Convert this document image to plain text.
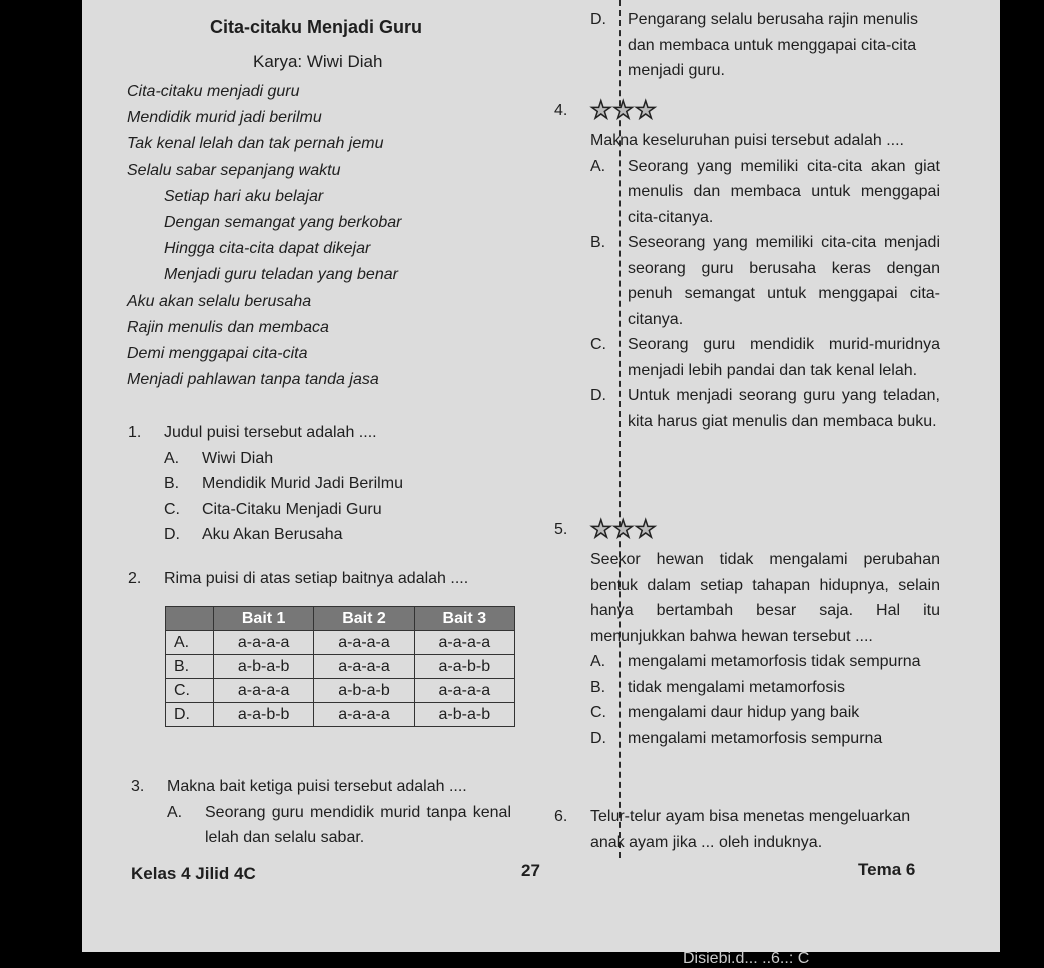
Cita-citaku Menjadi Guru
Karya: Wiwi Diah
Cita-citaku menjadi guru
Mendidik murid jadi berilmu
Tak kenal lelah dan tak pernah jemu
Selalu sabar sepanjang waktu
Setiap hari aku belajar
Dengan semangat yang berkobar
Hingga cita-cita dapat dikejar
Menjadi guru teladan yang benar
Aku akan selalu berusaha
Rajin menulis dan membaca
Demi menggapai cita-cita
Menjadi pahlawan tanpa tanda jasa
1. Judul puisi tersebut adalah ....
A.	Wiwi Diah
B.	Mendidik Murid Jadi Berilmu
C.	Cita-Citaku Menjadi Guru
D.	Aku Akan Berusaha
2. Rima puisi di atas setiap baitnya adalah ....
	Bait 1	Bait 2	Bait 3
A.	a-a-a-a	a-a-a-a	a-a-a-a
B.	a-b-a-b	a-a-a-a	a-a-b-b
C.	a-a-a-a	a-b-a-b	a-a-a-a
D.	a-a-b-b	a-a-a-a	a-b-a-b
3. Makna bait ketiga puisi tersebut adalah ....
A.	Seorang guru mendidik murid tanpa kenal lelah dan selalu sabar.
D.	Pengarang selalu berusaha rajin menulis dan membaca untuk menggapai cita-cita menjadi guru.
4. ★ ★ ★
Makna keseluruhan puisi tersebut adalah ....
A.	Seorang yang memiliki cita-cita akan giat menulis dan membaca untuk menggapai cita-citanya.
B.	Seseorang yang memiliki cita-cita menjadi seorang guru berusaha keras dengan penuh semangat untuk menggapai cita-citanya.
C.	Seorang guru mendidik murid-muridnya menjadi lebih pandai dan tak kenal lelah.
D.	Untuk menjadi seorang guru yang teladan, kita harus giat menulis dan membaca buku.
5. ★ ★ ★
Seekor hewan tidak mengalami perubahan bentuk dalam setiap tahapan hidupnya, selain hanya bertambah besar saja. Hal itu menunjukkan bahwa hewan tersebut ....
A.	mengalami metamorfosis tidak sempurna
B.	tidak mengalami metamorfosis
C.	mengalami daur hidup yang baik
D.	mengalami metamorfosis sempurna
6.	Telur-telur ayam bisa menetas mengeluarkan anak ayam jika ... oleh induknya.
Kelas 4 Jilid 4C	27	Tema 6
Disiebi.d... ..6..: C
